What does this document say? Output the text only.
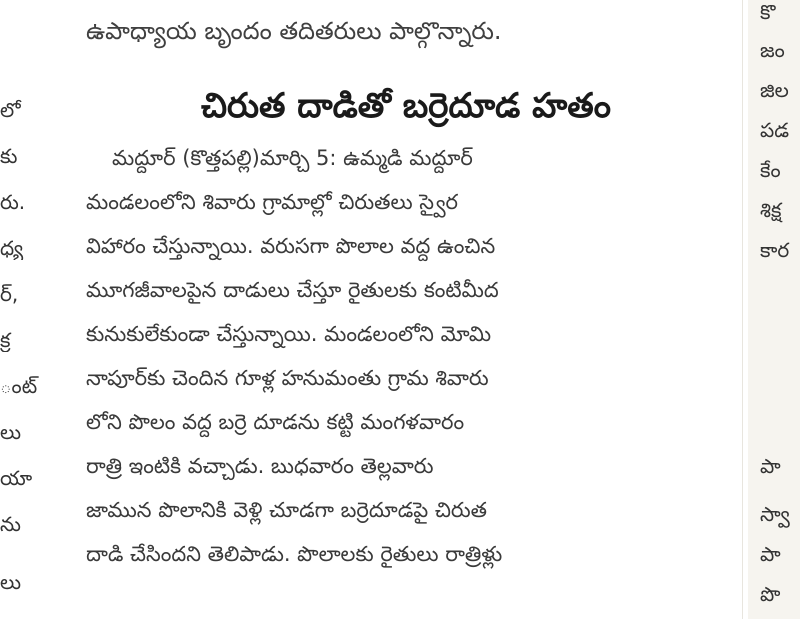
లో
కు
రు.
ధ్య
ర్,
క్ర
ంట్
లు
యా
ను
లు
ఉపాధ్యాయ బృందం తదితరులు పాల్గొన్నారు.
చిరుత దాడితో బర్రెదూడ హతం
మద్దూర్ (కొత్తపల్లి)మార్చి 5: ఉమ్మడి మద్దూర్
మండలంలోని శివారు గ్రామాల్లో చిరుతలు స్వైర
విహారం చేస్తున్నాయి. వరుసగా పొలాల వద్ద ఉంచిన
మూగజీవాలపైన దాడులు చేస్తూ రైతులకు కంటిమీద
కునుకులేకుండా చేస్తున్నాయి. మండలంలోని మోమి
నాపూర్‌కు చెందిన గూళ్ల హనుమంతు గ్రామ శివారు
లోని పొలం వద్ద బర్రె దూడను కట్టి మంగళవారం
రాత్రి ఇంటికి వచ్చాడు. బుధవారం తెల్లవారు
జామున పొలానికి వెళ్లి చూడగా బర్రెదూడపై చిరుత
దాడి చేసిందని తెలిపాడు. పొలాలకు రైతులు రాత్రిళ్లు
కొ
జం
జిల
పడ
కేం
శిక్ష
కార
పా
స్వా
పా
పొ
